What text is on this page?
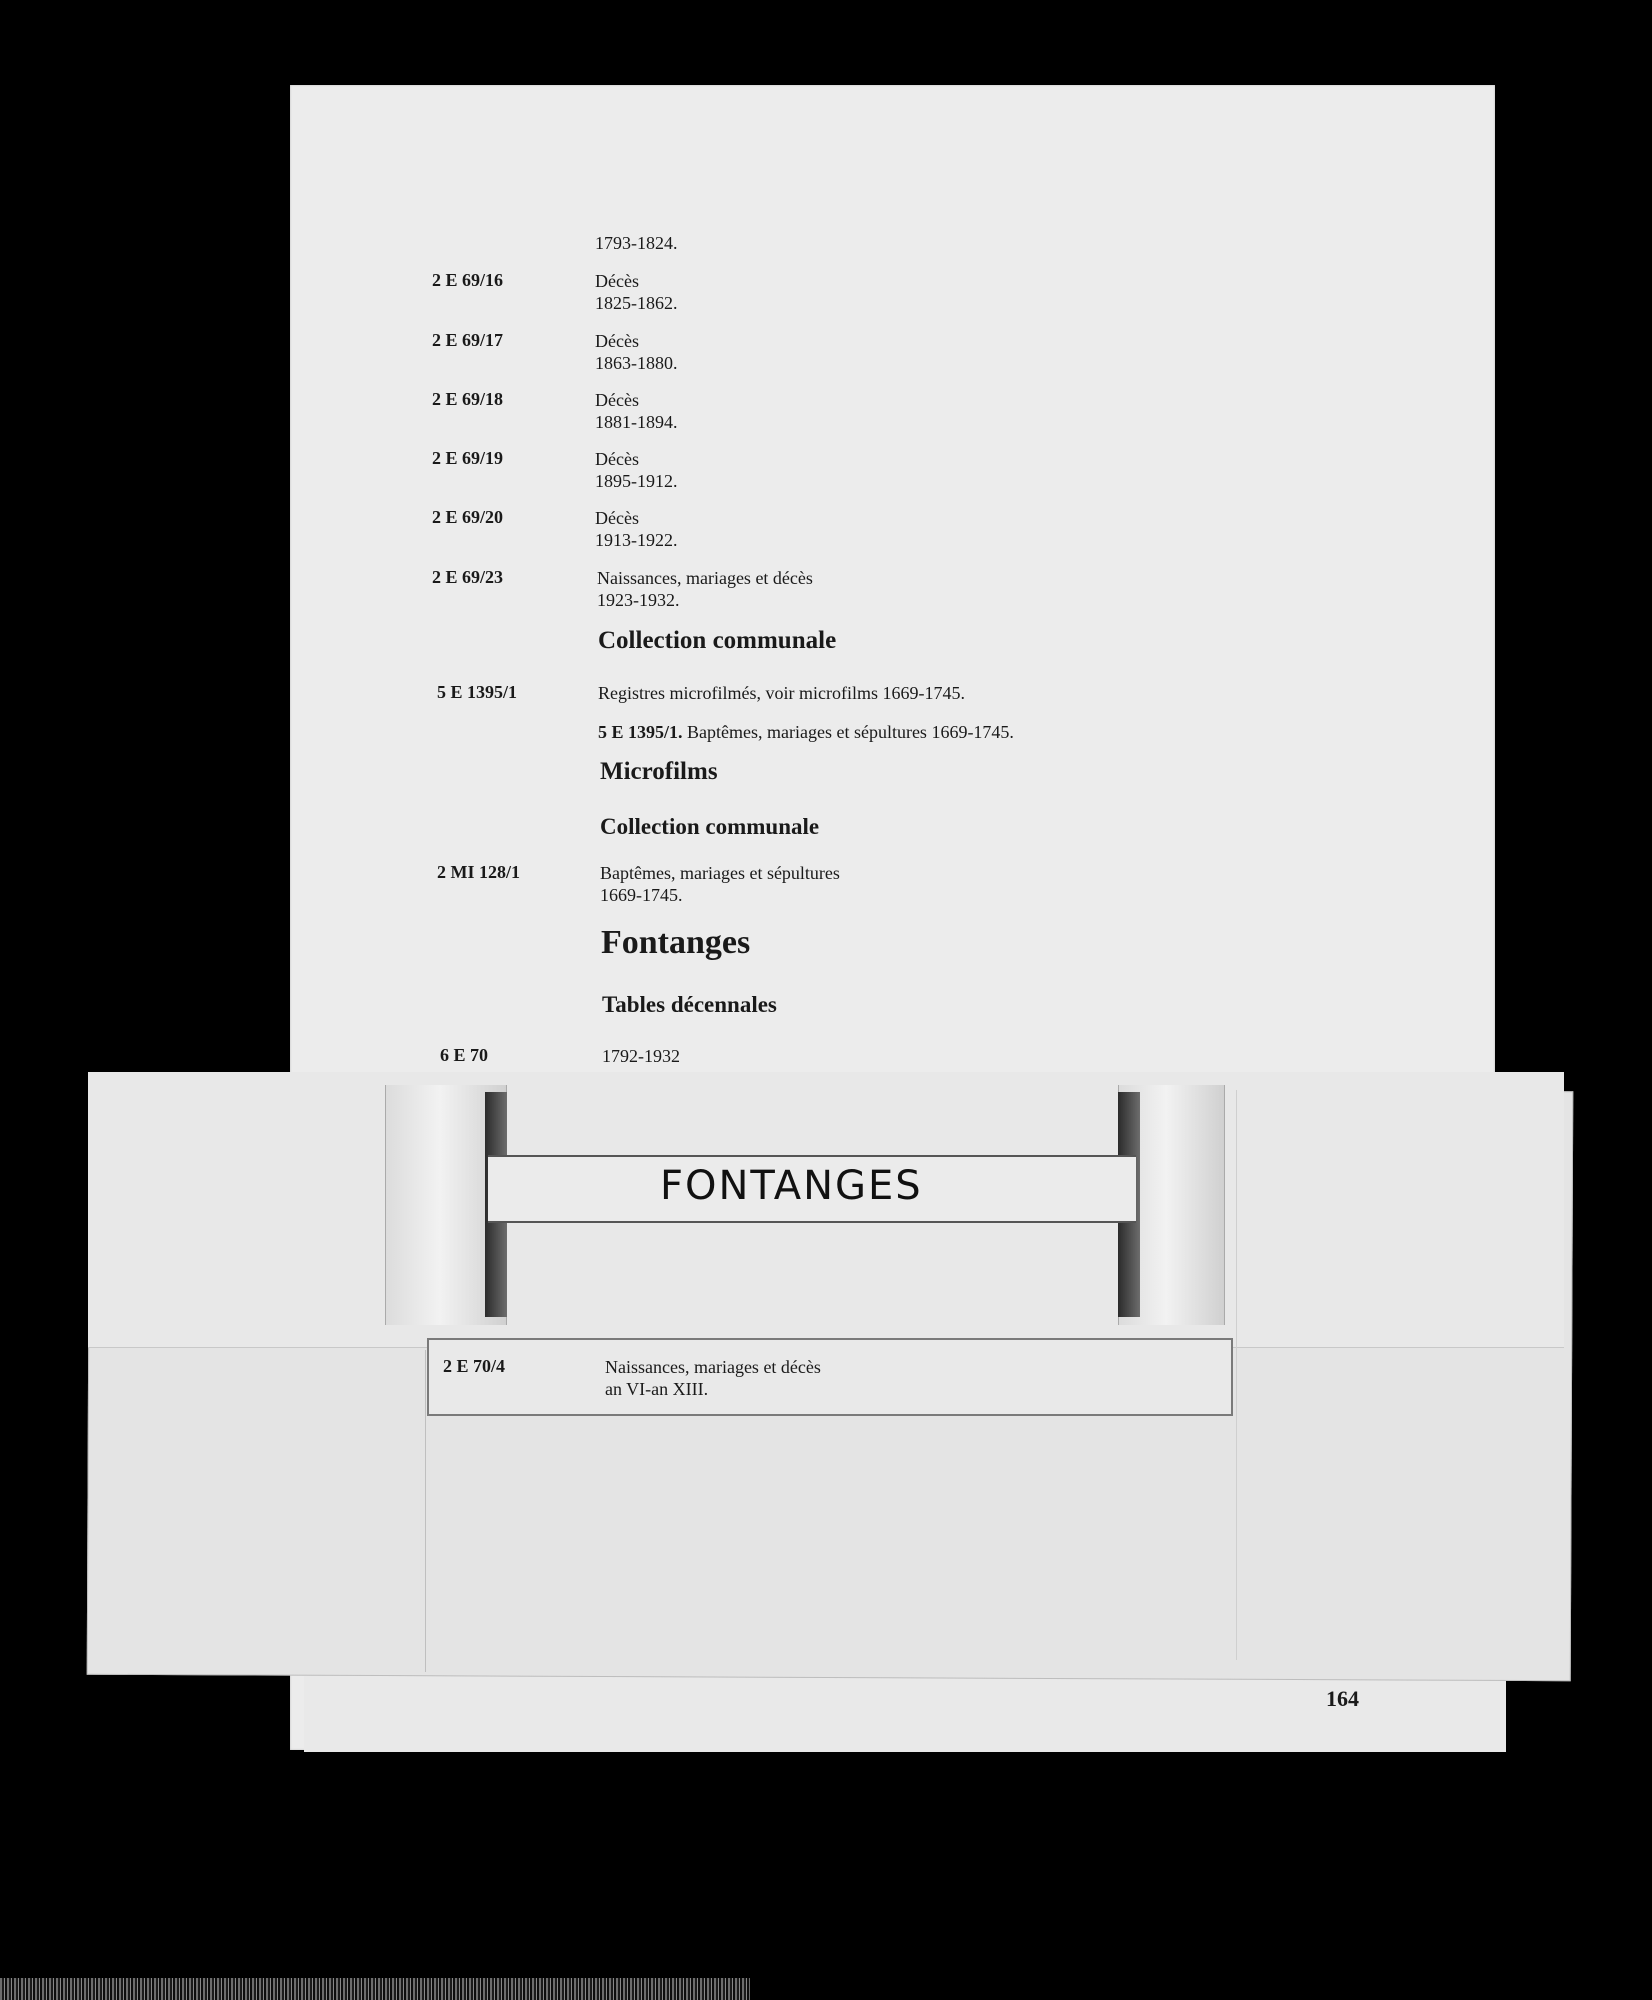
1793-1824.
2 E 69/16	Décès
1825-1862.
2 E 69/17	Décès
1863-1880.
2 E 69/18	Décès
1881-1894.
2 E 69/19	Décès
1895-1912.
2 E 69/20	Décès
1913-1922.
2 E 69/23	Naissances, mariages et décès
1923-1932.
Collection communale
5 E 1395/1	Registres microfilmés, voir microfilms 1669-1745.
5 E 1395/1. Baptêmes, mariages et sépultures 1669-1745.
Microfilms
Collection communale
2 MI 128/1	Baptêmes, mariages et sépultures
1669-1745.
Fontanges
Tables décennales
6 E 70	1792-1932
FONTANGES
2 E 70/4	Naissances, mariages et décès
an VI-an XIII.
164
